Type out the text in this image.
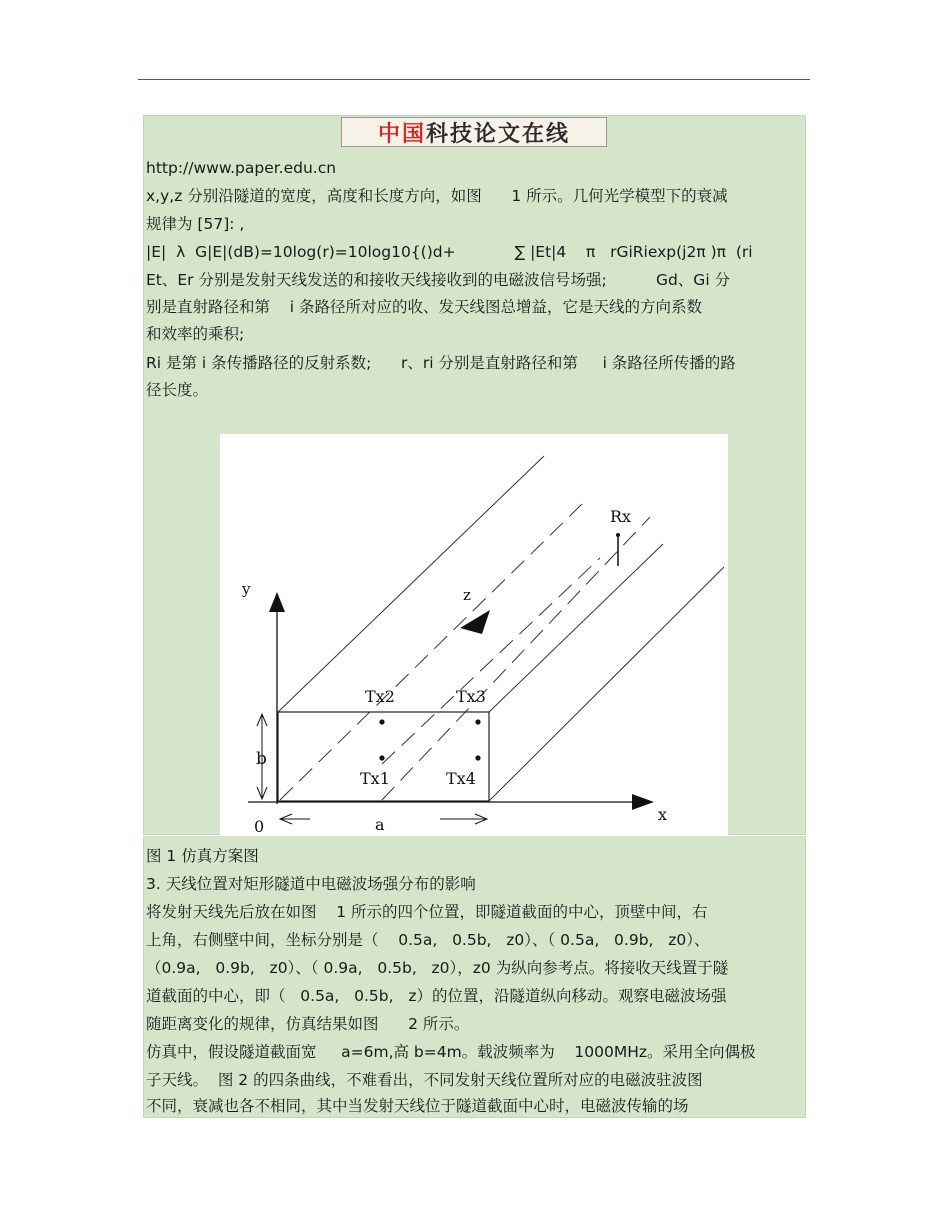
中国 科技论文在线
http://www.paper.edu.cn
x,y,z 分别沿隧道的宽度，高度和长度方向，如图      1 所示。几何光学模型下的衰减
规律为 [57]: ,
|E|  λ  G|E|(dB)=10log(r)=10log10{()d+            ∑ |Et|4    π   rGiRiexp(j2π )π  (ri
Et、Er 分别是发射天线发送的和接收天线接收到的电磁波信号场强;          Gd、Gi 分
别是直射路径和第    i 条路径所对应的收、发天线图总增益，它是天线的方向系数
和效率的乘积;
Ri 是第 i 条传播路径的反射系数;      r、ri 分别是直射路径和第     i 条路径所传播的路
径长度。
y
x
z
0	a
b
Rx
Tx2	Tx3
Tx1	Tx4
图 1 仿真方案图
3. 天线位置对矩形隧道中电磁波场强分布的影响
将发射天线先后放在如图    1 所示的四个位置，即隧道截面的中心，顶壁中间，右
上角，右侧壁中间，坐标分别是（    0.5a,   0.5b,   z0）、（ 0.5a,   0.9b,   z0）、
（0.9a,   0.9b,   z0）、（ 0.9a,   0.5b,   z0），z0 为纵向参考点。将接收天线置于隧
道截面的中心，即（   0.5a,   0.5b,   z）的位置，沿隧道纵向移动。观察电磁波场强
随距离变化的规律，仿真结果如图      2 所示。
仿真中，假设隧道截面宽     a=6m,高 b=4m。载波频率为    1000MHz。采用全向偶极
子天线。  图 2 的四条曲线，不难看出，不同发射天线位置所对应的电磁波驻波图
不同，衰减也各不相同，其中当发射天线位于隧道截面中心时，电磁波传输的场
